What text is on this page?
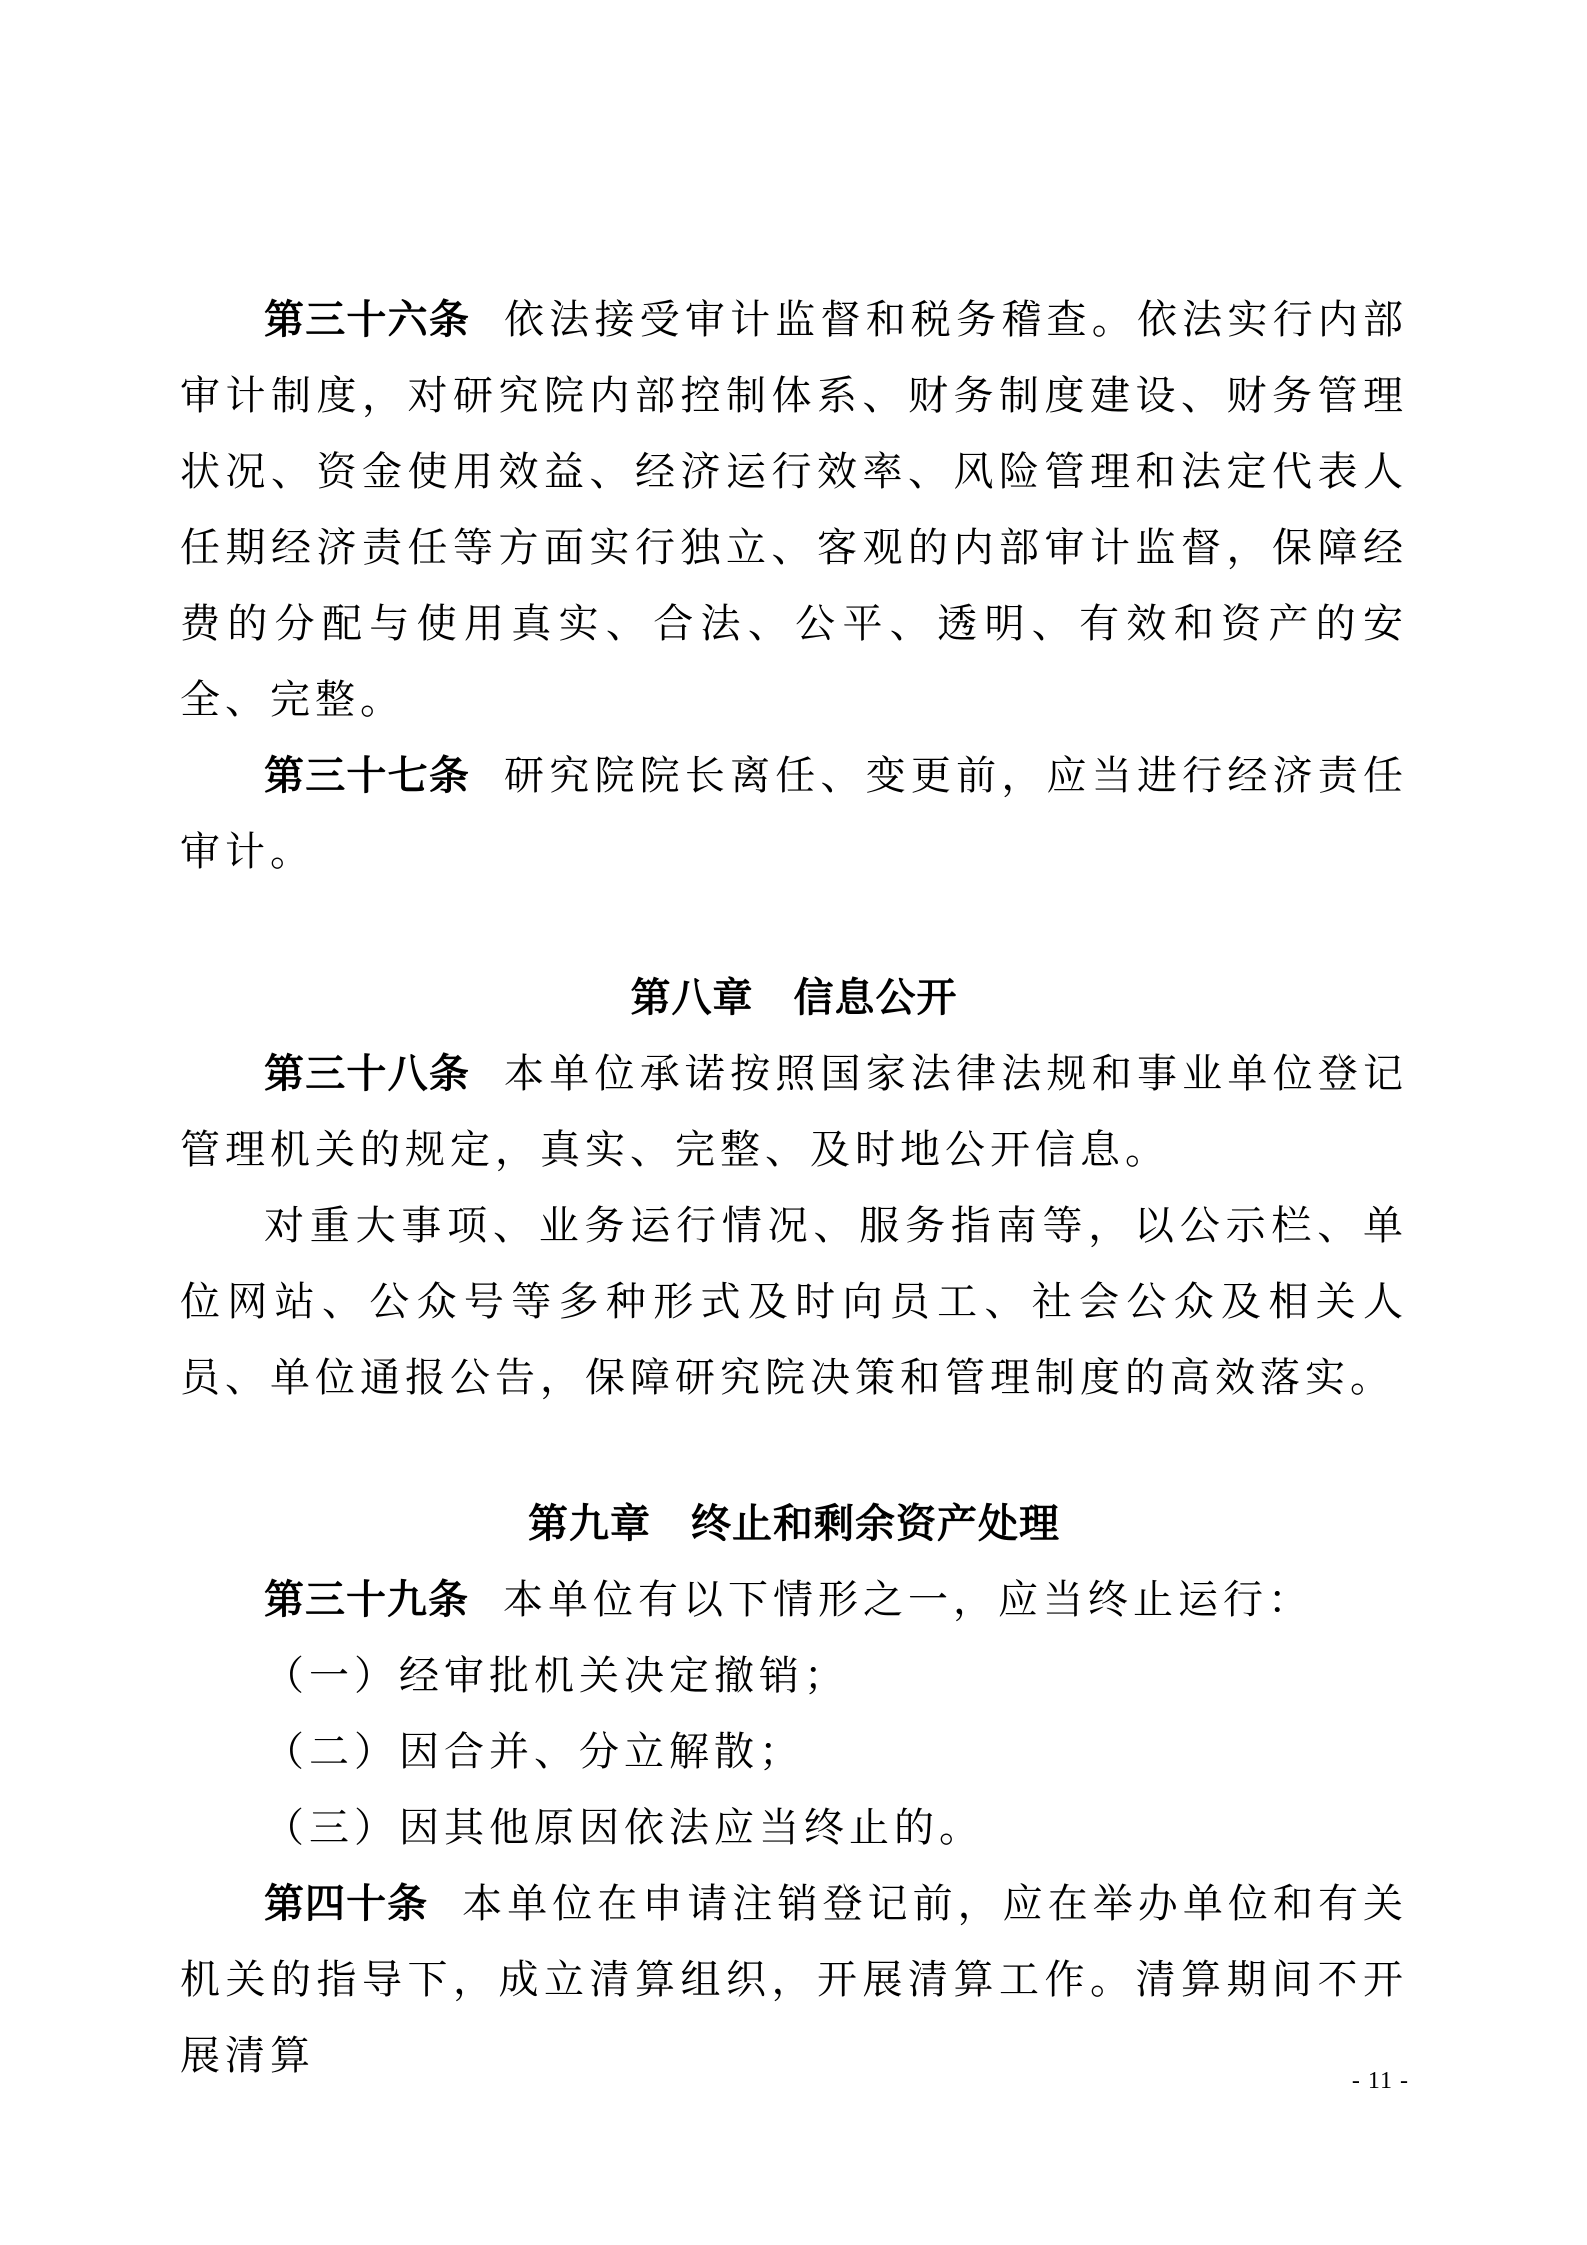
第三十六条 依法接受审计监督和税务稽查。依法实行内部审计制度，对研究院内部控制体系、财务制度建设、财务管理状况、资金使用效益、经济运行效率、风险管理和法定代表人任期经济责任等方面实行独立、客观的内部审计监督，保障经费的分配与使用真实、合法、公平、透明、有效和资产的安全、完整。

第三十七条 研究院院长离任、变更前，应当进行经济责任审计。

第八章 信息公开

第三十八条 本单位承诺按照国家法律法规和事业单位登记管理机关的规定，真实、完整、及时地公开信息。

对重大事项、业务运行情况、服务指南等，以公示栏、单位网站、公众号等多种形式及时向员工、社会公众及相关人员、单位通报公告，保障研究院决策和管理制度的高效落实。

第九章 终止和剩余资产处理

第三十九条 本单位有以下情形之一，应当终止运行：

（一）经审批机关决定撤销；

（二）因合并、分立解散；

（三）因其他原因依法应当终止的。

第四十条 本单位在申请注销登记前，应在举办单位和有关机关的指导下，成立清算组织，开展清算工作。清算期间不开展清算

- 11 -
